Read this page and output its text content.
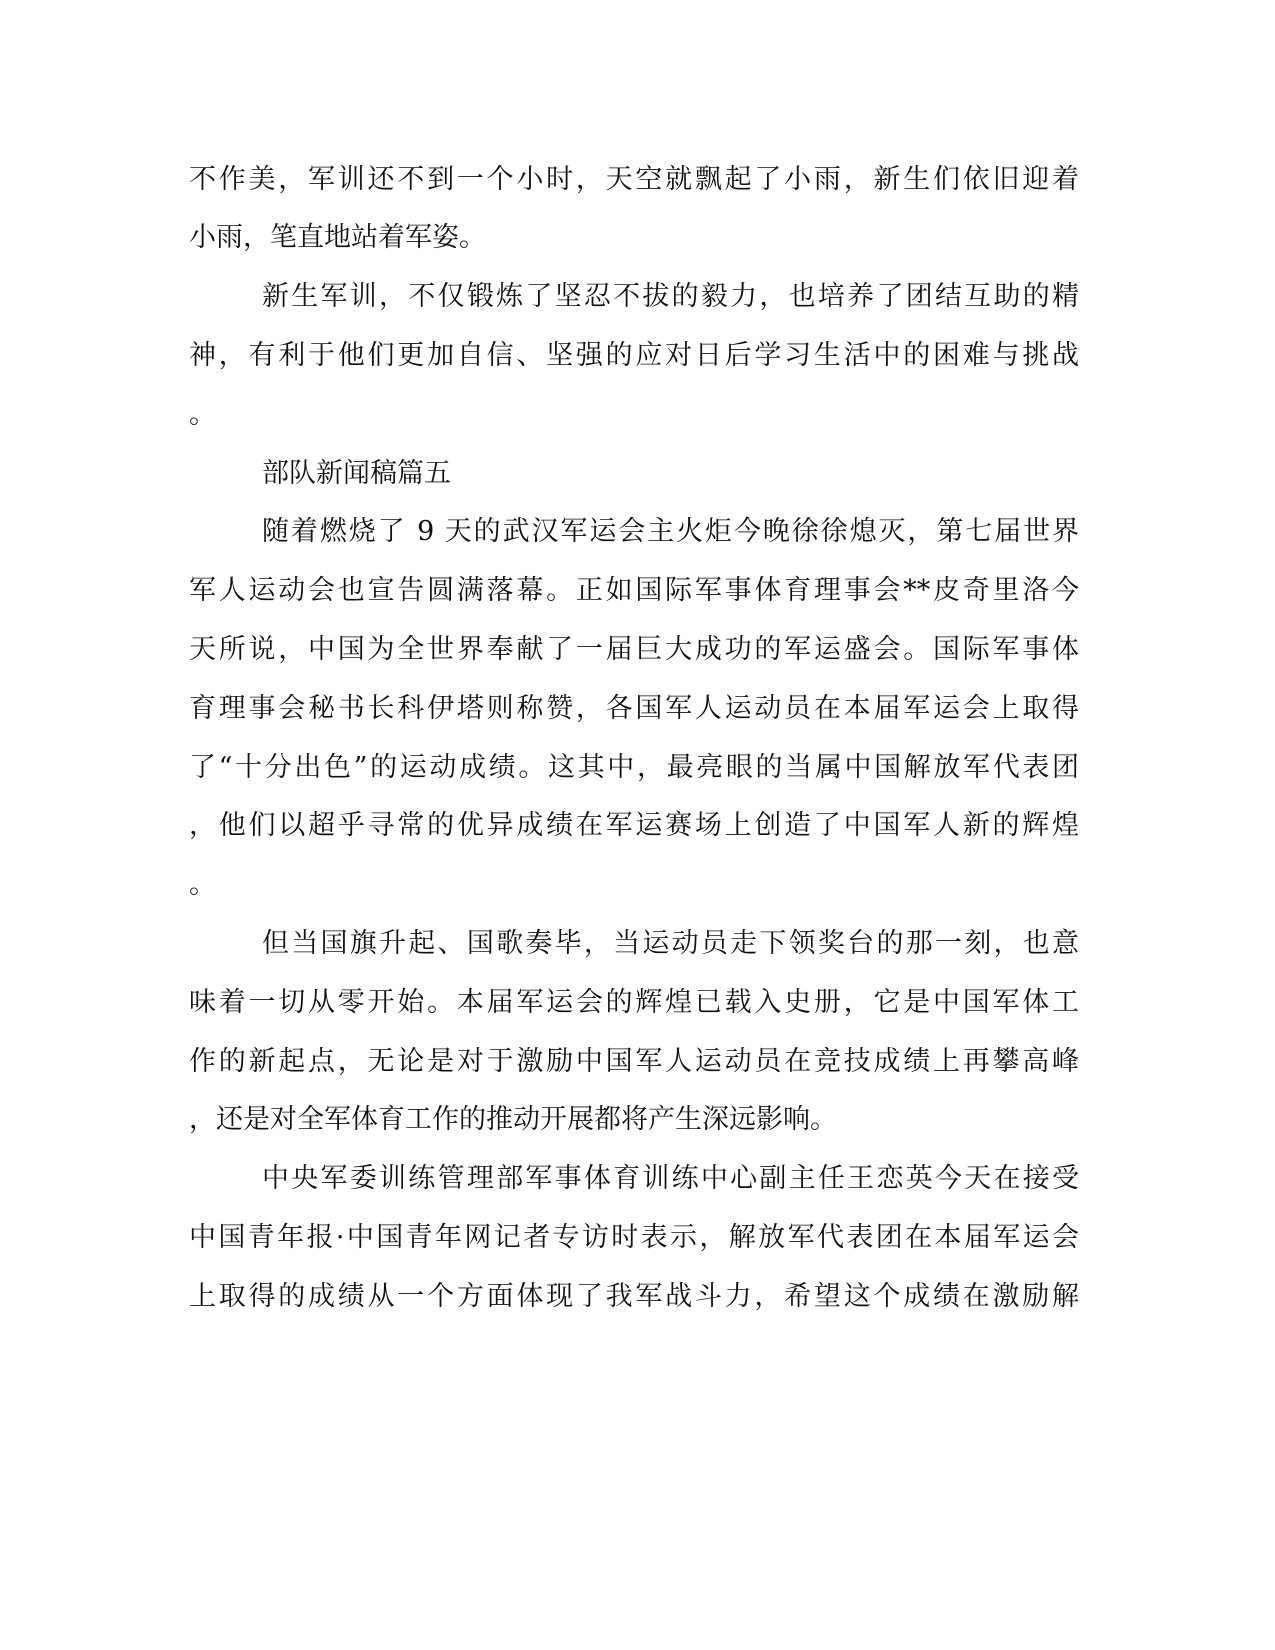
不作美，军训还不到一个小时，天空就飘起了小雨，新生们依旧迎着
小雨，笔直地站着军姿。
新生军训，不仅锻炼了坚忍不拔的毅力，也培养了团结互助的精
神，有利于他们更加自信、坚强的应对日后学习生活中的困难与挑战
。
部队新闻稿篇五
随着燃烧了 9 天的武汉军运会主火炬今晚徐徐熄灭，第七届世界
军人运动会也宣告圆满落幕。正如国际军事体育理事会**皮奇里洛今
天所说，中国为全世界奉献了一届巨大成功的军运盛会。国际军事体
育理事会秘书长科伊塔则称赞，各国军人运动员在本届军运会上取得
了“十分出色”的运动成绩。这其中，最亮眼的当属中国解放军代表团
，他们以超乎寻常的优异成绩在军运赛场上创造了中国军人新的辉煌
。
但当国旗升起、国歌奏毕，当运动员走下领奖台的那一刻，也意
味着一切从零开始。本届军运会的辉煌已载入史册，它是中国军体工
作的新起点，无论是对于激励中国军人运动员在竞技成绩上再攀高峰
，还是对全军体育工作的推动开展都将产生深远影响。
中央军委训练管理部军事体育训练中心副主任王恋英今天在接受
中国青年报·中国青年网记者专访时表示，解放军代表团在本届军运会
上取得的成绩从一个方面体现了我军战斗力，希望这个成绩在激励解
